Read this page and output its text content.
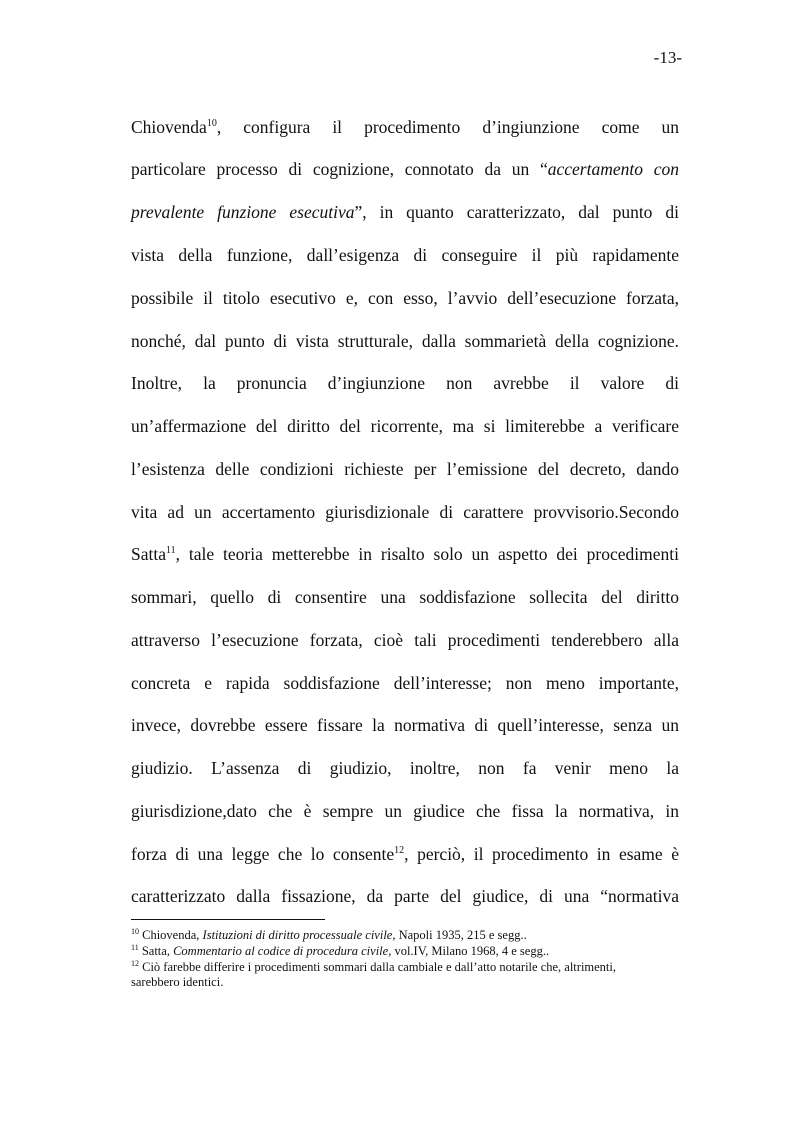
-13-
Chiovenda$^{10}$, configura il procedimento d’ingiunzione come un
particolare processo di cognizione, connotato da un “accertamento con
prevalente funzione esecutiva”, in quanto caratterizzato, dal punto di
vista della funzione, dall’esigenza di conseguire il più rapidamente
possibile il titolo esecutivo e, con esso, l’avvio dell’esecuzione forzata,
nonché, dal punto di vista strutturale, dalla sommarietà della cognizione.
Inoltre, la pronuncia d’ingiunzione non avrebbe il valore di
un’affermazione del diritto del ricorrente, ma si limiterebbe a verificare
l’esistenza delle condizioni richieste per l’emissione del decreto, dando
vita ad un accertamento giurisdizionale di carattere provvisorio.Secondo
Satta$^{11}$, tale teoria metterebbe in risalto solo un aspetto dei procedimenti
sommari, quello di consentire una soddisfazione sollecita del diritto
attraverso l’esecuzione forzata, cioè tali procedimenti tenderebbero alla
concreta e rapida soddisfazione dell’interesse; non meno importante,
invece, dovrebbe essere fissare la normativa di quell’interesse, senza un
giudizio. L’assenza di giudizio, inoltre, non fa venir meno la
giurisdizione,dato che è sempre un giudice che fissa la normativa, in
forza di una legge che lo consente$^{12}$, perciò, il procedimento in esame è
caratterizzato dalla fissazione, da parte del giudice, di una “normativa
$^{10}$ Chiovenda, Istituzioni di diritto processuale civile, Napoli 1935, 215 e segg..
$^{11}$ Satta, Commentario al codice di procedura civile, vol.IV, Milano 1968, 4 e segg..
$^{12}$ Ciò farebbe differire i procedimenti sommari dalla cambiale e dall’atto notarile che, altrimenti,
sarebbero identici.
